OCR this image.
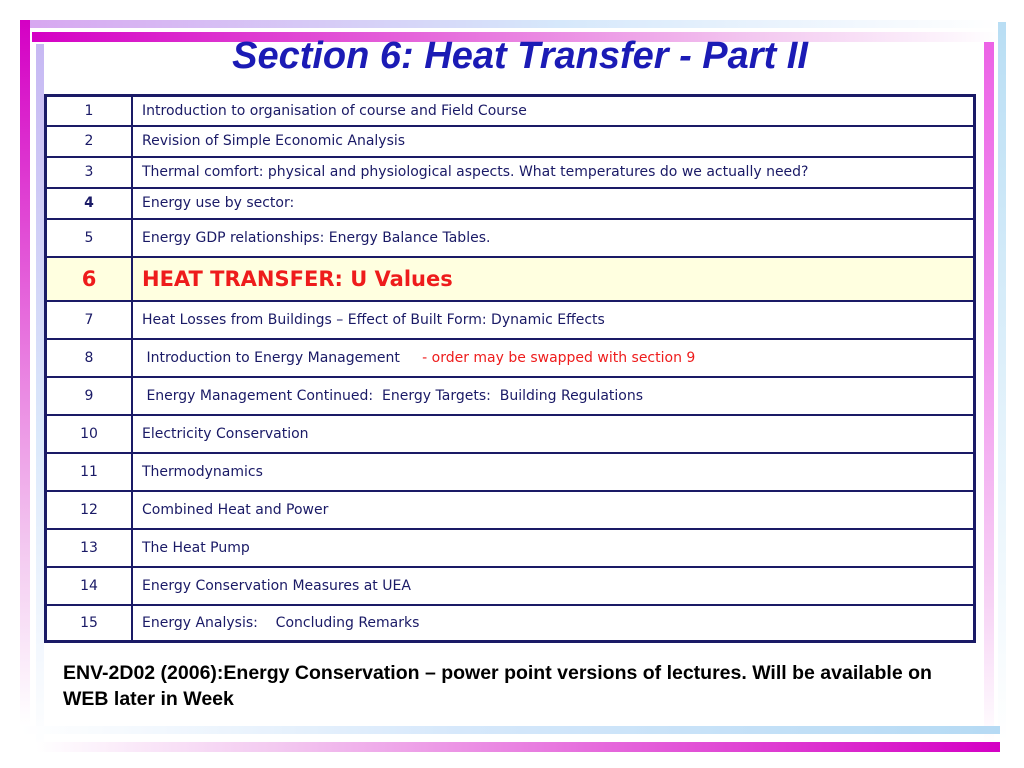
Section 6: Heat Transfer - Part II
1	Introduction to organisation of course and Field Course
2	Revision of Simple Economic Analysis
3	Thermal comfort: physical and physiological aspects. What temperatures do we actually need?
4	Energy use by sector:
5	Energy GDP relationships: Energy Balance Tables.
6	HEAT TRANSFER: U Values
7	Heat Losses from Buildings – Effect of Built Form: Dynamic Effects
8	Introduction to Energy Management - order may be swapped with section 9
9	Energy Management Continued:  Energy Targets:  Building Regulations
10	Electricity Conservation
11	Thermodynamics
12	Combined Heat and Power
13	The Heat Pump
14	Energy Conservation Measures at UEA
15	Energy Analysis:    Concluding Remarks
ENV-2D02 (2006):Energy Conservation – power point versions of lectures. Will be available on WEB later in Week
